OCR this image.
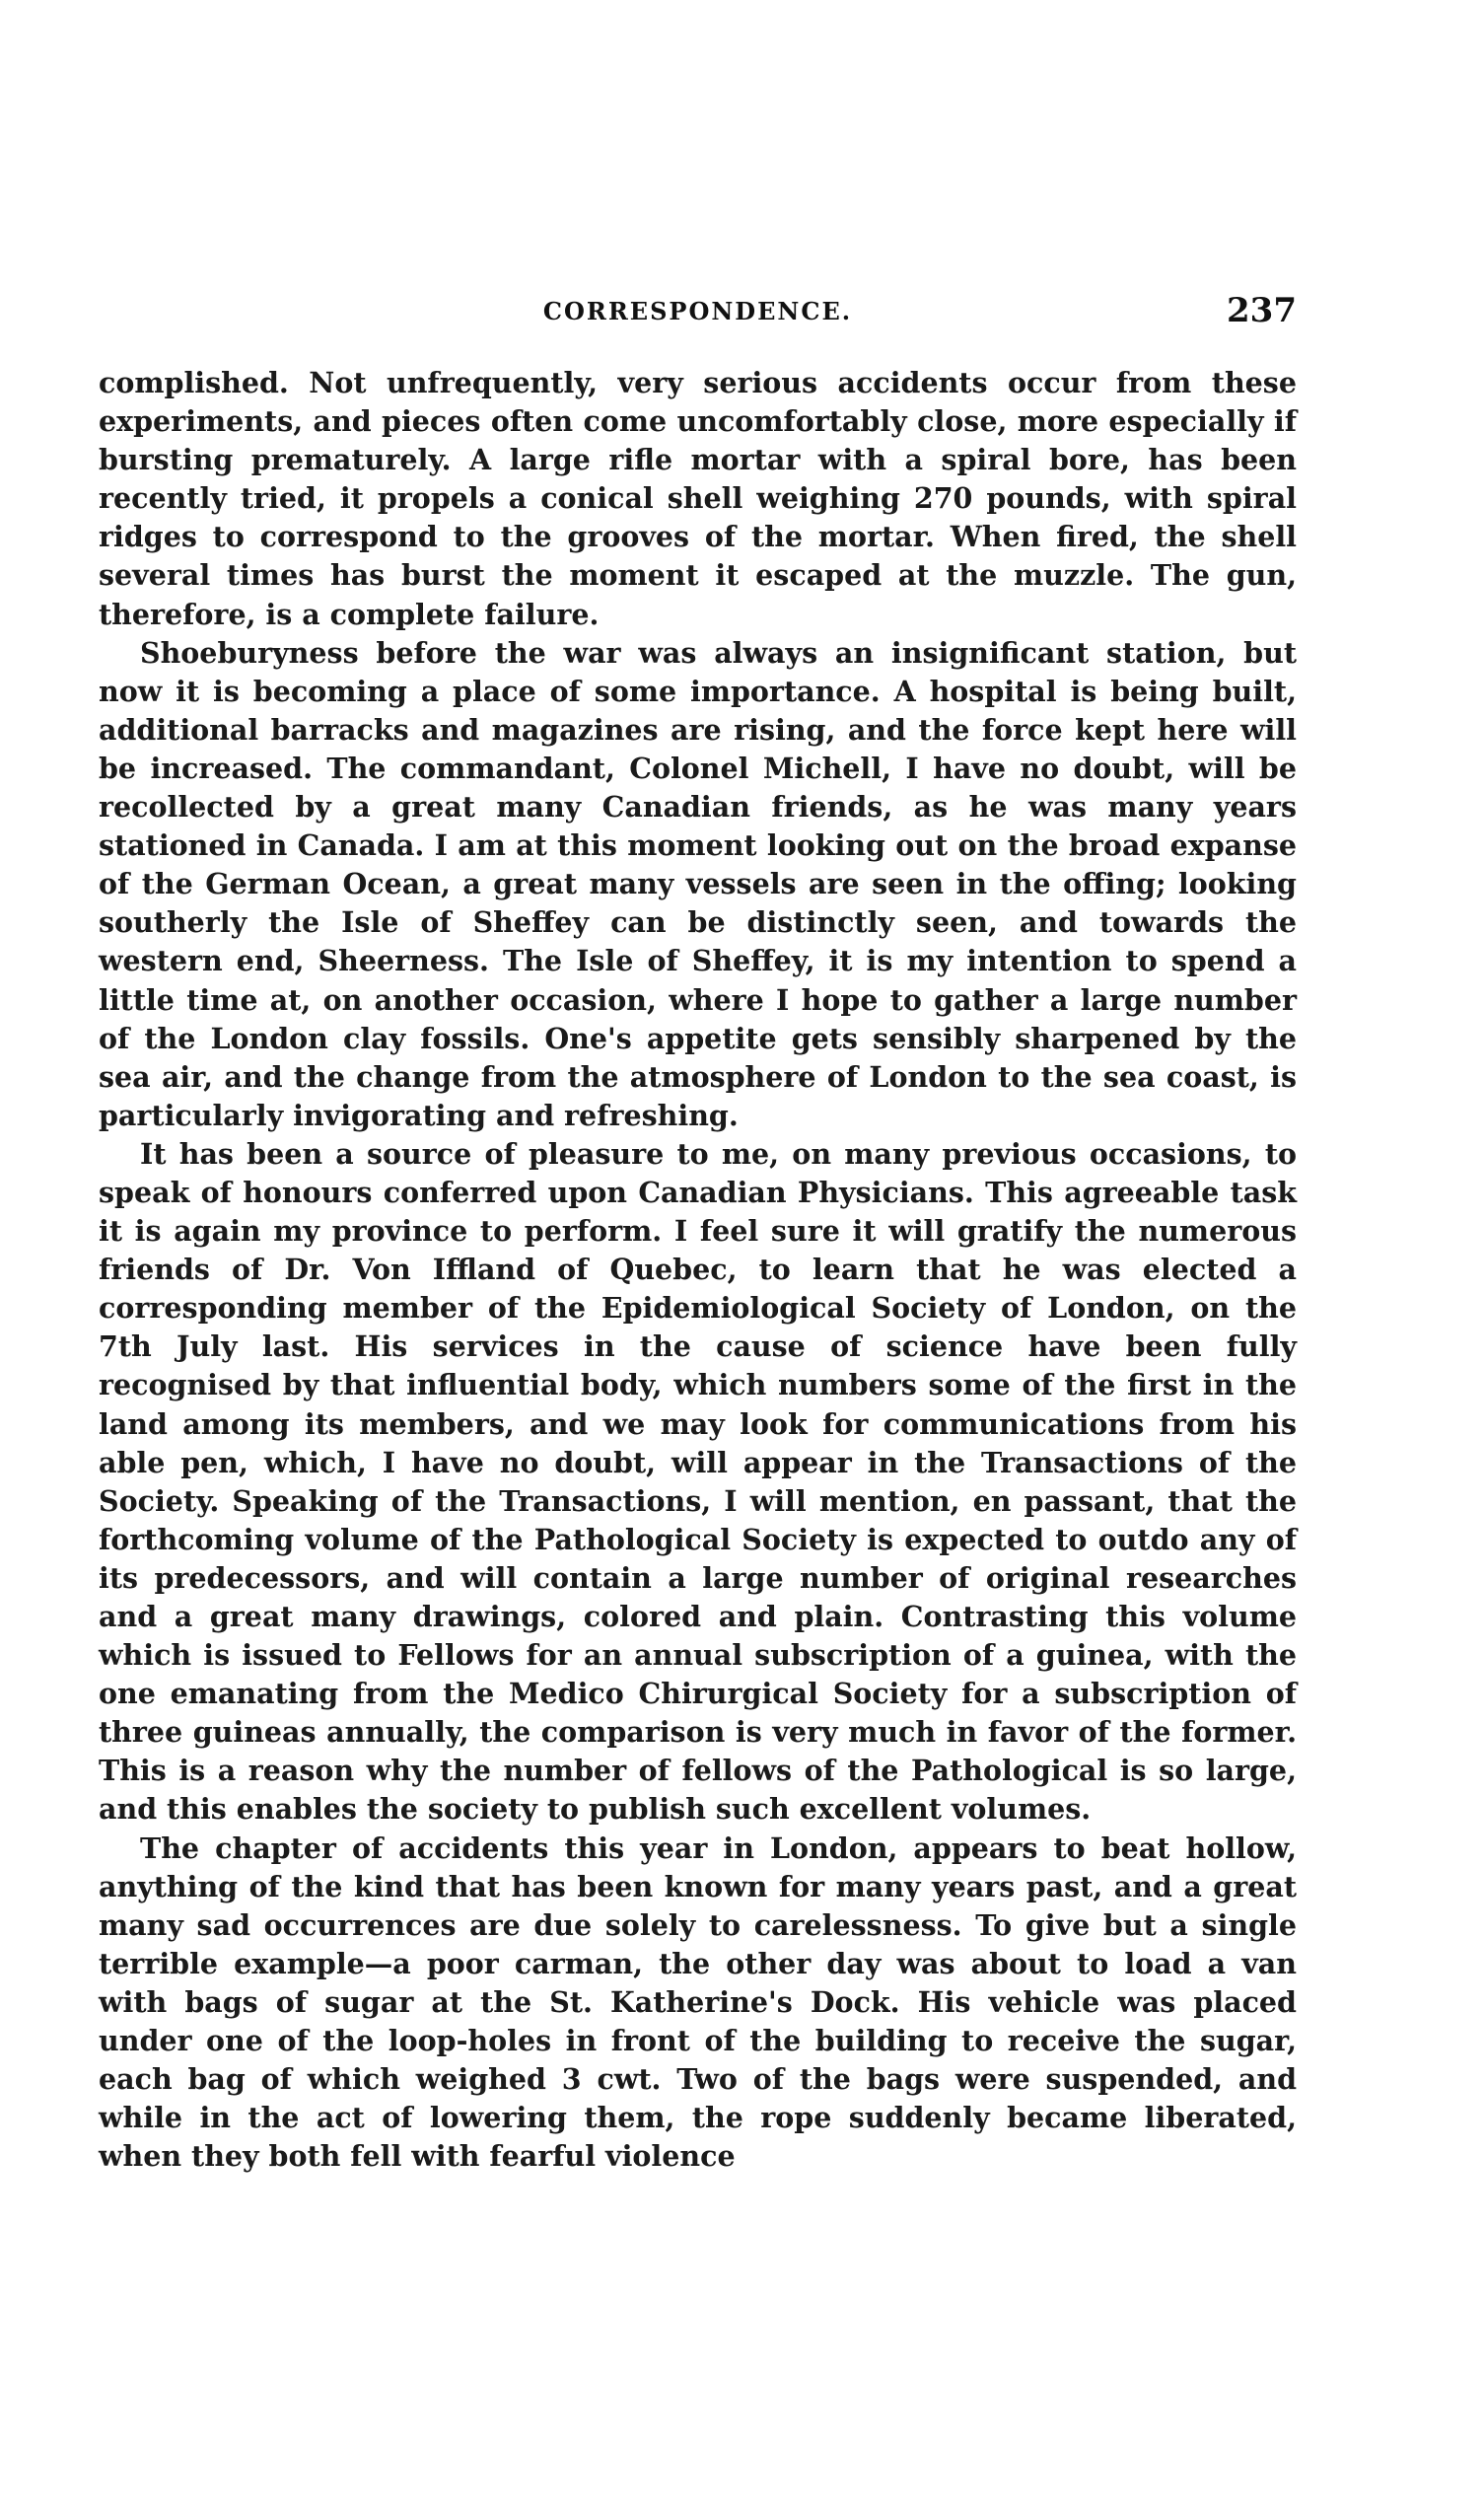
CORRESPONDENCE.	237

complished. Not unfrequently, very serious accidents occur from these experiments, and pieces often come uncomfortably close, more especially if bursting prematurely. A large rifle mortar with a spiral bore, has been recently tried, it propels a conical shell weighing 270 pounds, with spiral ridges to correspond to the grooves of the mortar. When fired, the shell several times has burst the moment it escaped at the muzzle. The gun, therefore, is a complete failure.

Shoeburyness before the war was always an insignificant station, but now it is becoming a place of some importance. A hospital is being built, additional barracks and magazines are rising, and the force kept here will be increased. The commandant, Colonel Michell, I have no doubt, will be recollected by a great many Canadian friends, as he was many years stationed in Canada. I am at this moment looking out on the broad expanse of the German Ocean, a great many vessels are seen in the offing; looking southerly the Isle of Sheffey can be distinctly seen, and towards the western end, Sheerness. The Isle of Sheffey, it is my intention to spend a little time at, on another occasion, where I hope to gather a large number of the London clay fossils. One's appetite gets sensibly sharpened by the sea air, and the change from the atmosphere of London to the sea coast, is particularly invigorating and refreshing.

It has been a source of pleasure to me, on many previous occasions, to speak of honours conferred upon Canadian Physicians. This agreeable task it is again my province to perform. I feel sure it will gratify the numerous friends of Dr. Von Iffland of Quebec, to learn that he was elected a corresponding member of the Epidemiological Society of London, on the 7th July last. His services in the cause of science have been fully recognised by that influential body, which numbers some of the first in the land among its members, and we may look for communications from his able pen, which, I have no doubt, will appear in the Transactions of the Society. Speaking of the Transactions, I will mention, en passant, that the forthcoming volume of the Pathological Society is expected to outdo any of its predecessors, and will contain a large number of original researches and a great many drawings, colored and plain. Contrasting this volume which is issued to Fellows for an annual subscription of a guinea, with the one emanating from the Medico Chirurgical Society for a subscription of three guineas annually, the comparison is very much in favor of the former. This is a reason why the number of fellows of the Pathological is so large, and this enables the society to publish such excellent volumes.

The chapter of accidents this year in London, appears to beat hollow, anything of the kind that has been known for many years past, and a great many sad occurrences are due solely to carelessness. To give but a single terrible example—a poor carman, the other day was about to load a van with bags of sugar at the St. Katherine's Dock. His vehicle was placed under one of the loop-holes in front of the building to receive the sugar, each bag of which weighed 3 cwt. Two of the bags were suspended, and while in the act of lowering them, the rope suddenly became liberated, when they both fell with fearful violence
